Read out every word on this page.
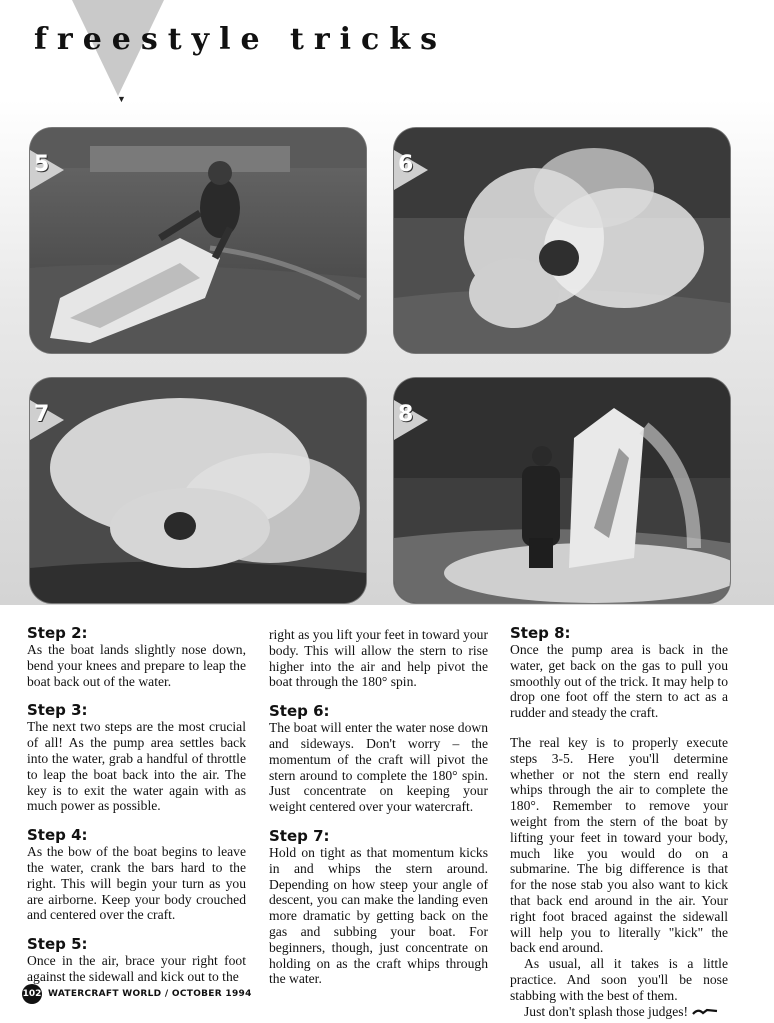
▼
freestyle tricks
5	6
7	8
Step 2:

As the boat lands slightly nose down, bend your knees and prepare to leap the boat back out of the water.

Step 3:

The next two steps are the most crucial of all! As the pump area settles back into the water, grab a handful of throttle to leap the boat back into the air. The key is to exit the water again with as much power as possible.

Step 4:

As the bow of the boat begins to leave the water, crank the bars hard to the right. This will begin your turn as you are airborne. Keep your body crouched and centered over the craft.

Step 5:

Once in the air, brace your right foot against the sidewall and kick out to the

right as you lift your feet in toward your body. This will allow the stern to rise higher into the air and help pivot the boat through the 180° spin.

Step 6:

The boat will enter the water nose down and sideways. Don't worry – the momentum of the craft will pivot the stern around to complete the 180° spin. Just concentrate on keeping your weight centered over your watercraft.

Step 7:

Hold on tight as that momentum kicks in and whips the stern around. Depending on how steep your angle of descent, you can make the landing even more dramatic by getting back on the gas and subbing your boat. For beginners, though, just concentrate on holding on as the craft whips through the water.

Step 8:

Once the pump area is back in the water, get back on the gas to pull you smoothly out of the trick. It may help to drop one foot off the stern to act as a rudder and steady the craft.

The real key is to properly execute steps 3-5. Here you'll determine whether or not the stern end really whips through the air to complete the 180°. Remember to remove your weight from the stern of the boat by lifting your feet in toward your body, much like you would do on a submarine. The big difference is that for the nose stab you also want to kick that back end around in the air. Your right foot braced against the sidewall will help you to literally "kick" the back end around.

As usual, all it takes is a little practice. And soon you'll be nose stabbing with the best of them.

Just don't splash those judges!

102 WATERCRAFT WORLD / OCTOBER 1994
